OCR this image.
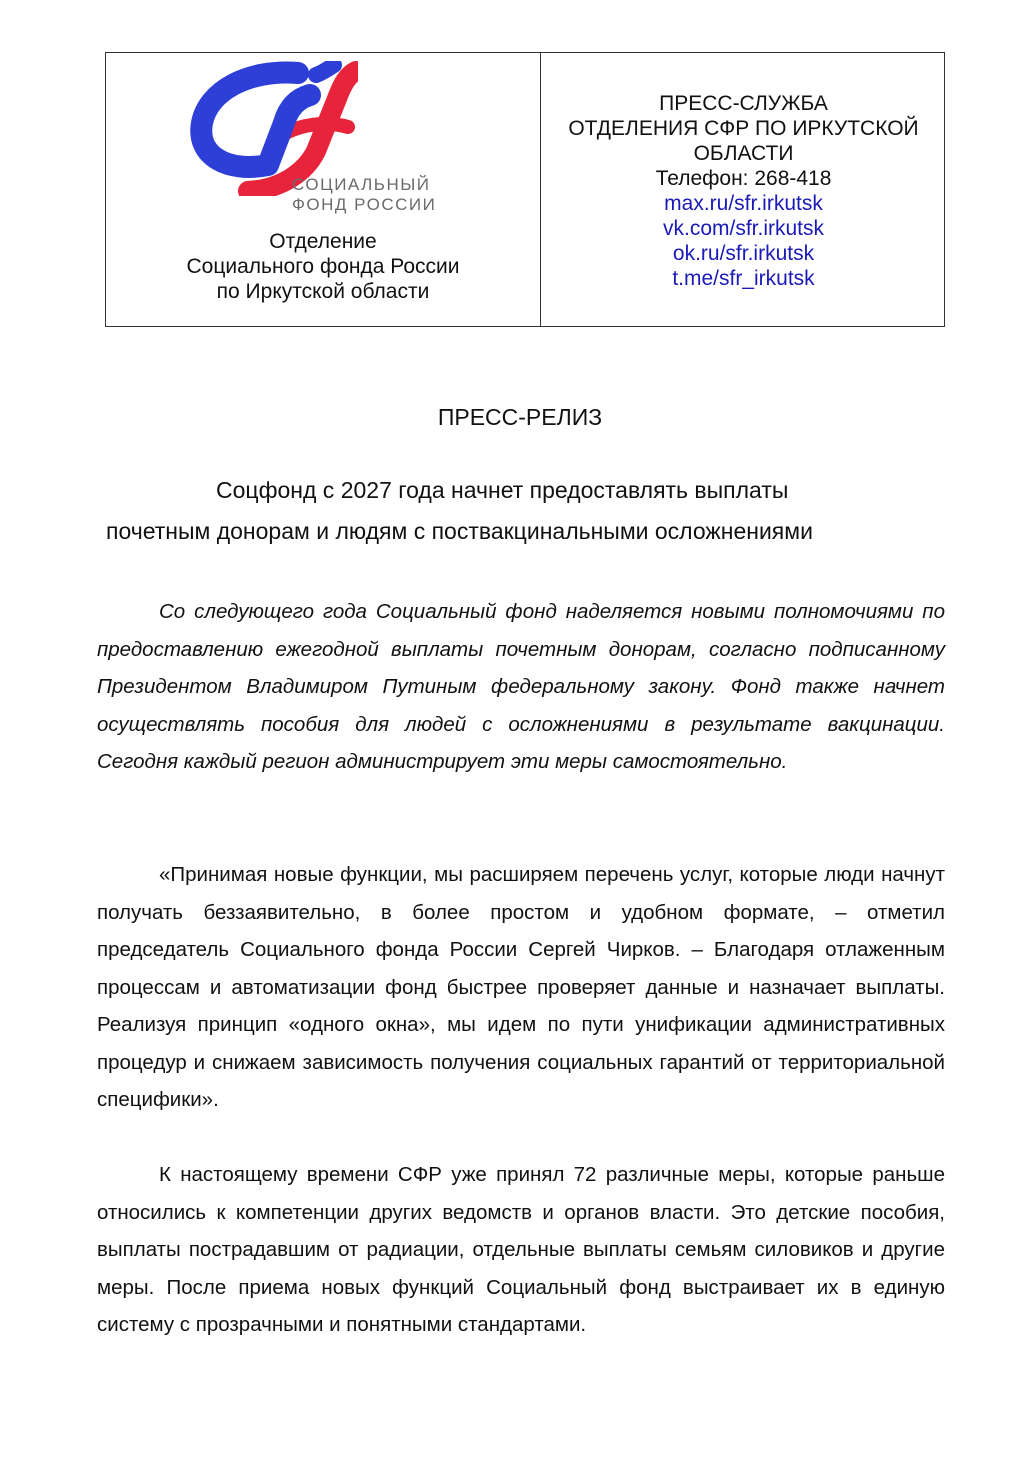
СОЦИАЛЬНЫЙ
ФОНД РОССИИ
Отделение
Социального фонда России
по Иркутской области
ПРЕСС-СЛУЖБА
ОТДЕЛЕНИЯ СФР ПО ИРКУТСКОЙ
ОБЛАСТИ
Телефон: 268-418
max.ru/sfr.irkutsk
vk.com/sfr.irkutsk
ok.ru/sfr.irkutsk
t.me/sfr_irkutsk
ПРЕСС-РЕЛИЗ
Соцфонд с 2027 года начнет предоставлять выплаты
почетным донорам и людям с поствакцинальными осложнениями

Со следующего года Социальный фонд наделяется новыми полномочиями по предоставлению ежегодной выплаты почетным донорам, согласно подписанному Президентом Владимиром Путиным федеральному закону. Фонд также начнет осуществлять пособия для людей с осложнениями в результате вакцинации. Сегодня каждый регион администрирует эти меры самостоятельно.

«Принимая новые функции, мы расширяем перечень услуг, которые люди начнут получать беззаявительно, в более простом и удобном формате, – отметил председатель Социального фонда России Сергей Чирков. – Благодаря отлаженным процессам и автоматизации фонд быстрее проверяет данные и назначает выплаты. Реализуя принцип «одного окна», мы идем по пути унификации административных процедур и снижаем зависимость получения социальных гарантий от территориальной специфики».

К настоящему времени СФР уже принял 72 различные меры, которые раньше относились к компетенции других ведомств и органов власти. Это детские пособия, выплаты пострадавшим от радиации, отдельные выплаты семьям силовиков и другие меры. После приема новых функций Социальный фонд выстраивает их в единую систему с прозрачными и понятными стандартами.
